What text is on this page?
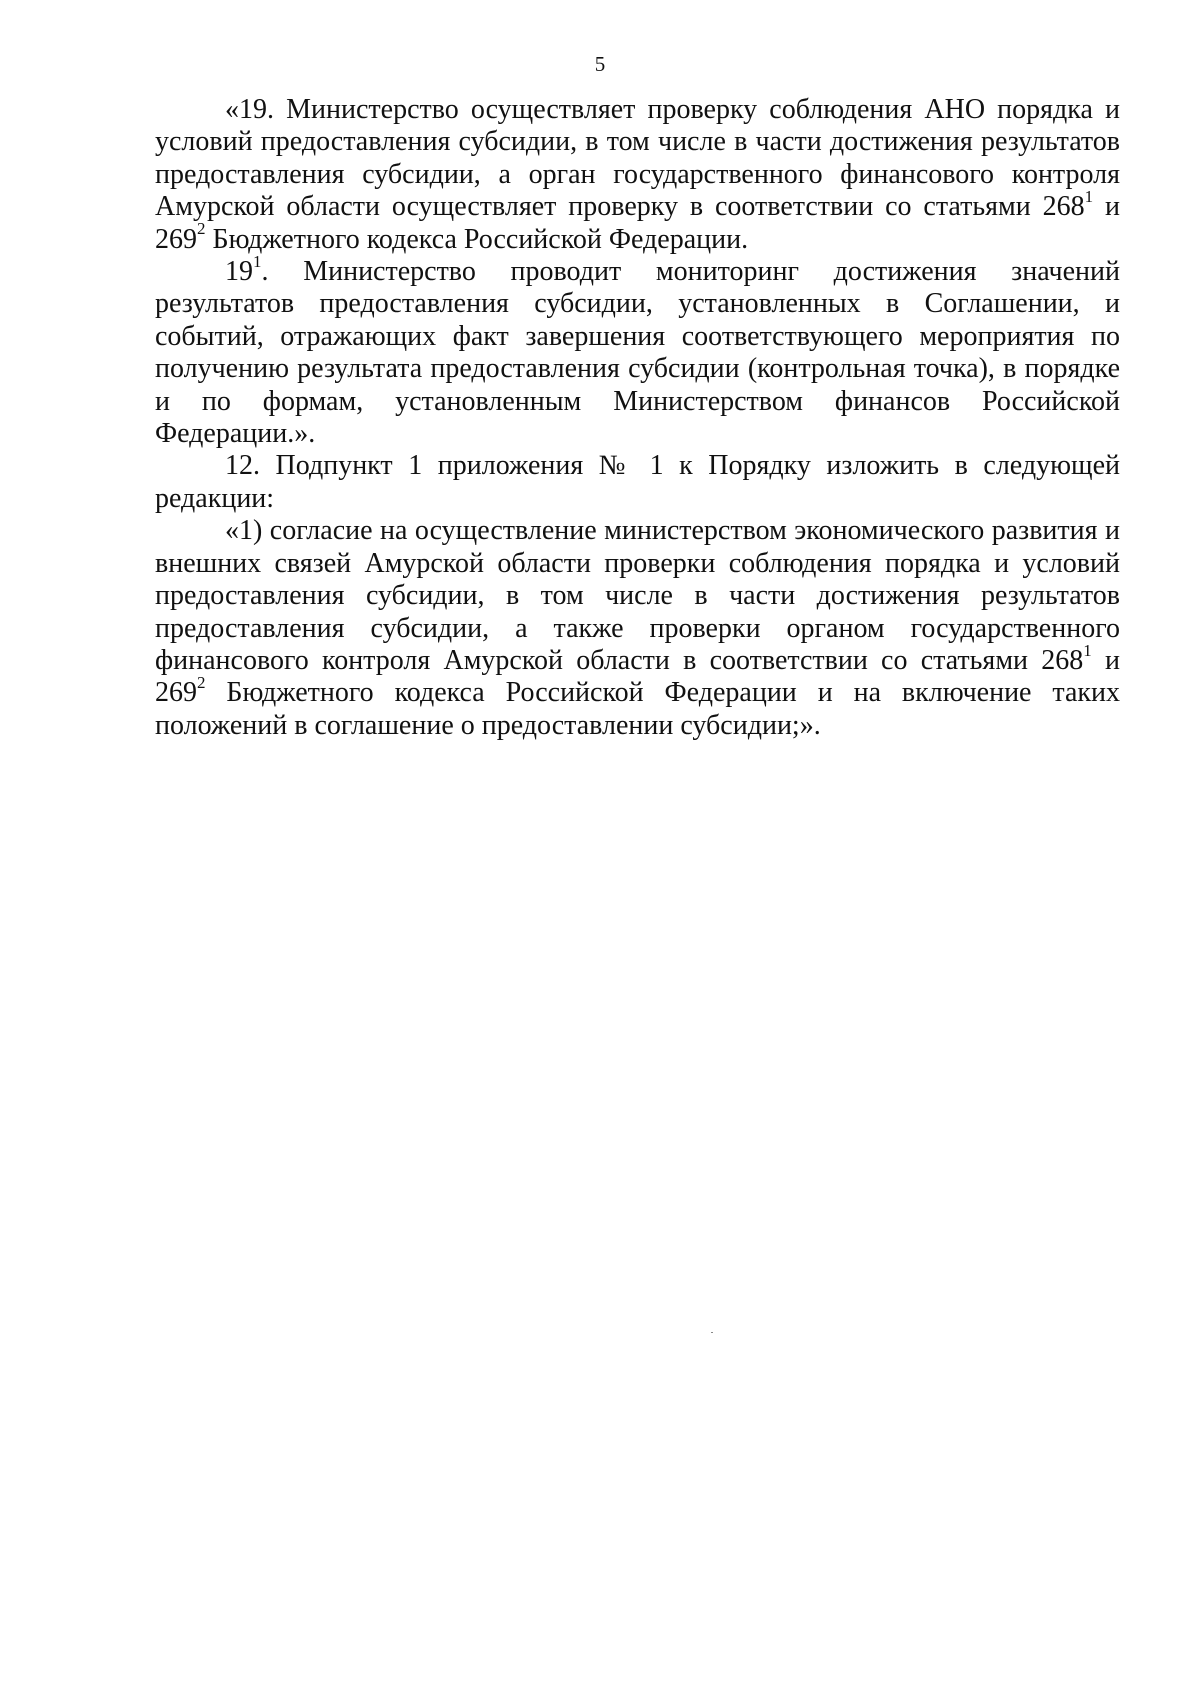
5

«19. Министерство осуществляет проверку соблюдения АНО порядка и условий предоставления субсидии, в том числе в части достижения результатов предоставления субсидии, а орган государственного финансового контроля Амурской области осуществляет проверку в соответствии со статьями $268^1$ и $269^2$ Бюджетного кодекса Российской Федерации.

$19^1$. Министерство проводит мониторинг достижения значений результатов предоставления субсидии, установленных в Соглашении, и событий, отражающих факт завершения соответствующего мероприятия по получению результата предоставления субсидии (контрольная точка), в порядке и по формам, установленным Министерством финансов Российской Федерации.».

12. Подпункт 1 приложения № 1 к Порядку изложить в следующей редакции:

«1) согласие на осуществление министерством экономического развития и внешних связей Амурской области проверки соблюдения порядка и условий предоставления субсидии, в том числе в части достижения результатов предоставления субсидии, а также проверки органом государственного финансового контроля Амурской области в соответствии со статьями $268^1$ и $269^2$ Бюджетного кодекса Российской Федерации и на включение таких положений в соглашение о предоставлении субсидии;».
